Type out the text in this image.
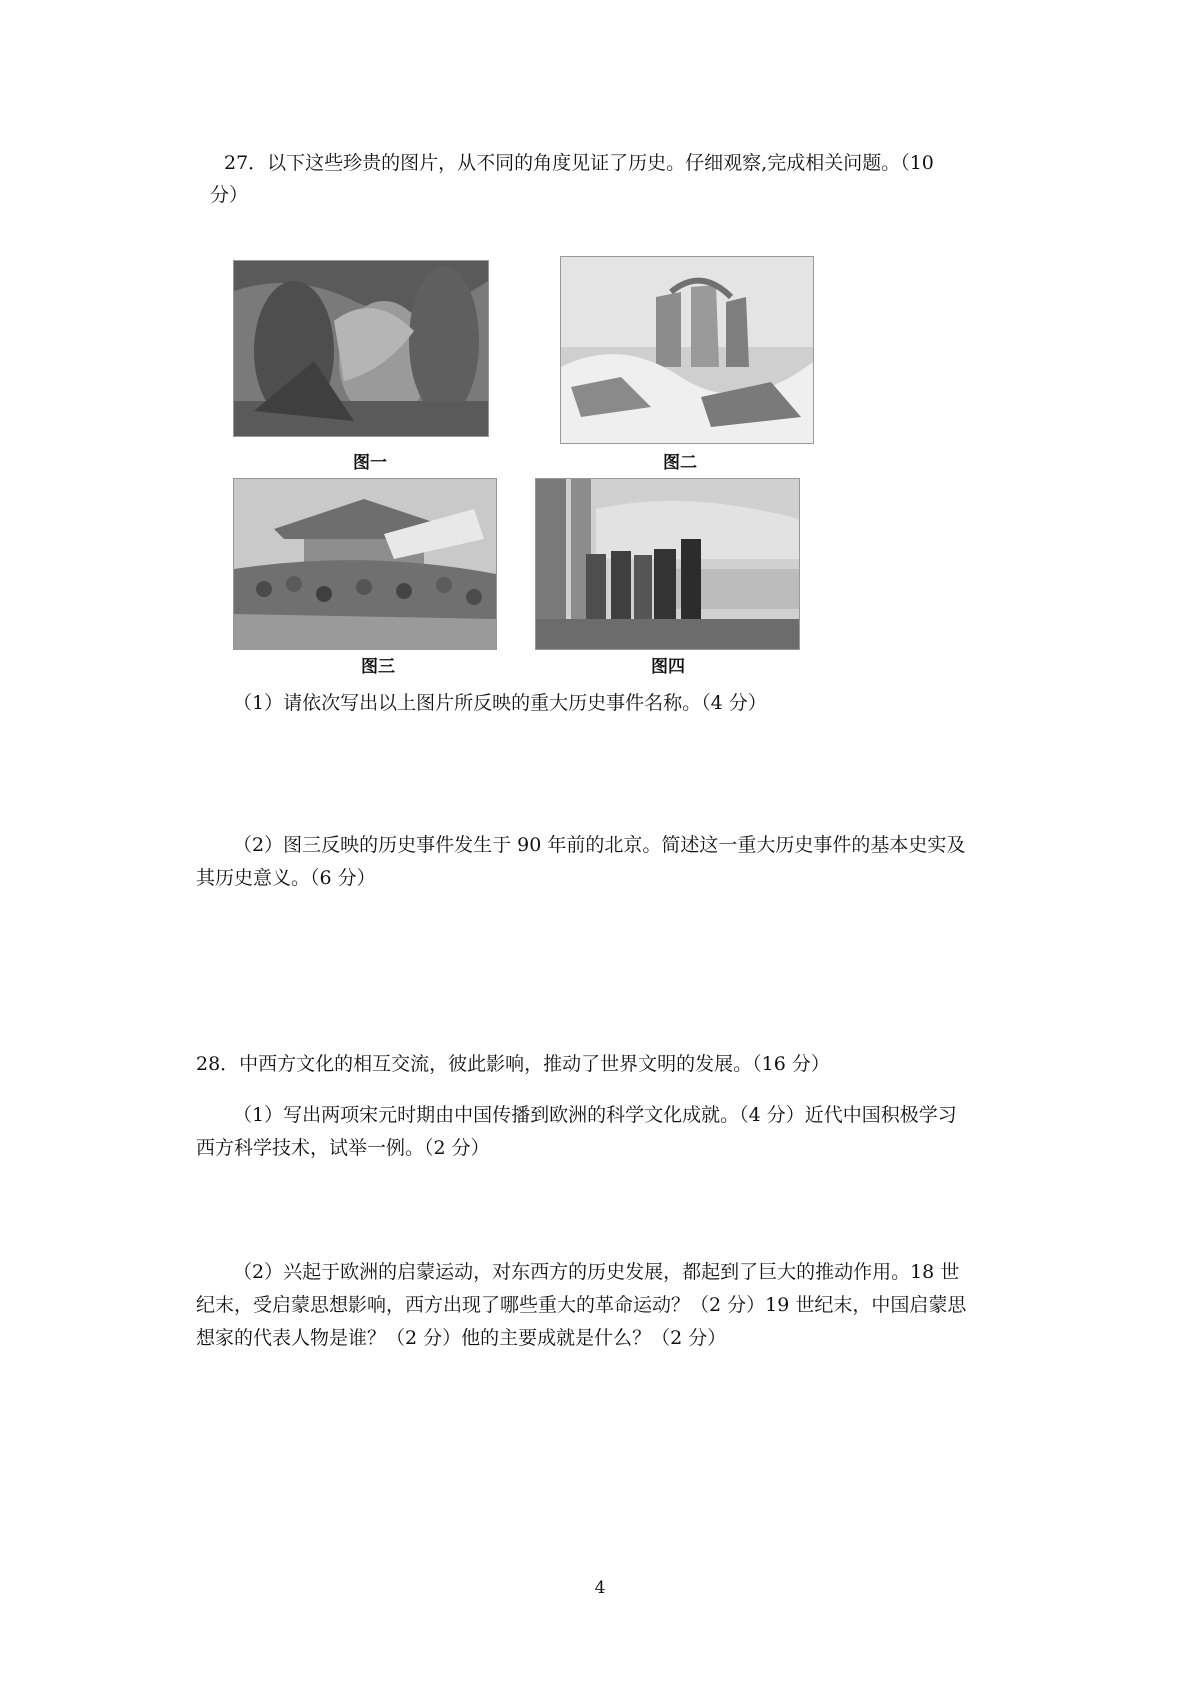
27．以下这些珍贵的图片，从不同的角度见证了历史。仔细观察,完成相关问题。（10
分）
图一	图二
图三	图四
（1）请依次写出以上图片所反映的重大历史事件名称。（4 分）
（2）图三反映的历史事件发生于 90 年前的北京。简述这一重大历史事件的基本史实及
其历史意义。（6 分）
28．中西方文化的相互交流，彼此影响，推动了世界文明的发展。（16 分）
（1）写出两项宋元时期由中国传播到欧洲的科学文化成就。（4 分）近代中国积极学习
西方科学技术，试举一例。（2 分）
（2）兴起于欧洲的启蒙运动，对东西方的历史发展，都起到了巨大的推动作用。18 世
纪末，受启蒙思想影响，西方出现了哪些重大的革命运动？（2 分）19 世纪末，中国启蒙思
想家的代表人物是谁？（2 分）他的主要成就是什么？（2 分）
4
